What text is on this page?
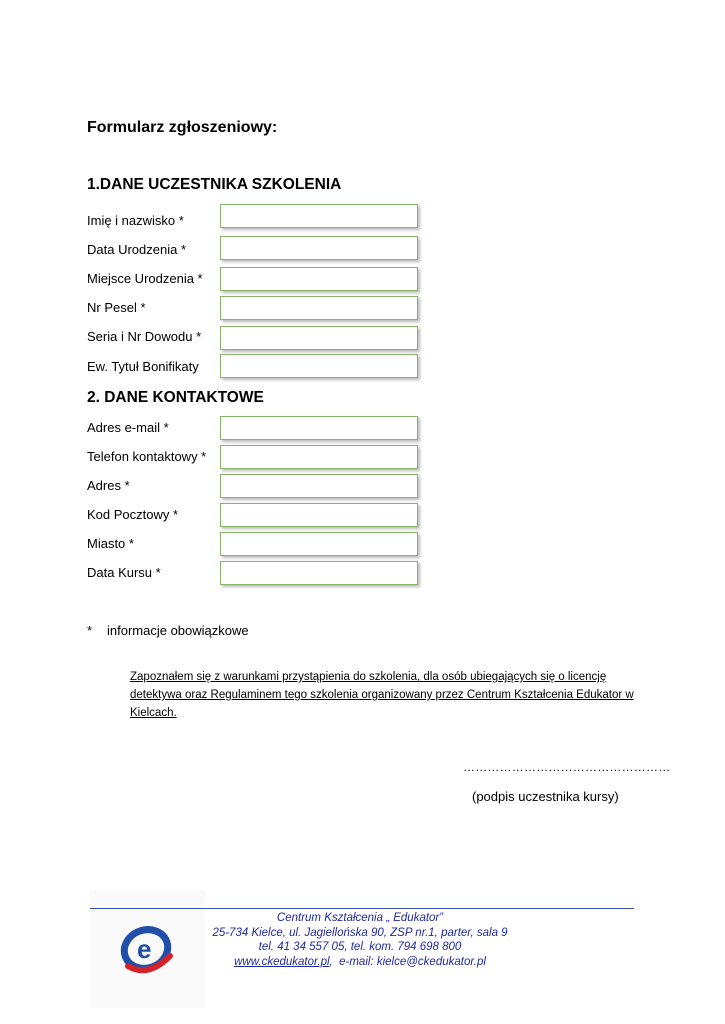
Formularz zgłoszeniowy:
1.DANE UCZESTNIKA SZKOLENIA
Imię i nazwisko *
Data Urodzenia *
Miejsce Urodzenia *
Nr Pesel *
Seria i Nr Dowodu *
Ew. Tytuł Bonifikaty
2. DANE KONTAKTOWE
Adres e-mail *
Telefon kontaktowy *
Adres *
Kod Pocztowy *
Miasto *
Data Kursu *
* informacje obowiązkowe
Zapoznałem się z warunkami przystąpienia do szkolenia, dla osób ubiegających się o licencję detektywa oraz Regulaminem tego szkolenia organizowany przez Centrum Kształcenia Edukator w Kielcach.
……………………………………………
(podpis uczestnika kursy)
e
Centrum Kształcenia „ Edukator”
25-734 Kielce, ul. Jagiellońska 90, ZSP nr.1, parter, sala 9
tel. 41 34 557 05, tel. kom. 794 698 800
www.ckedukator.pl,  e-mail: kielce@ckedukator.pl
